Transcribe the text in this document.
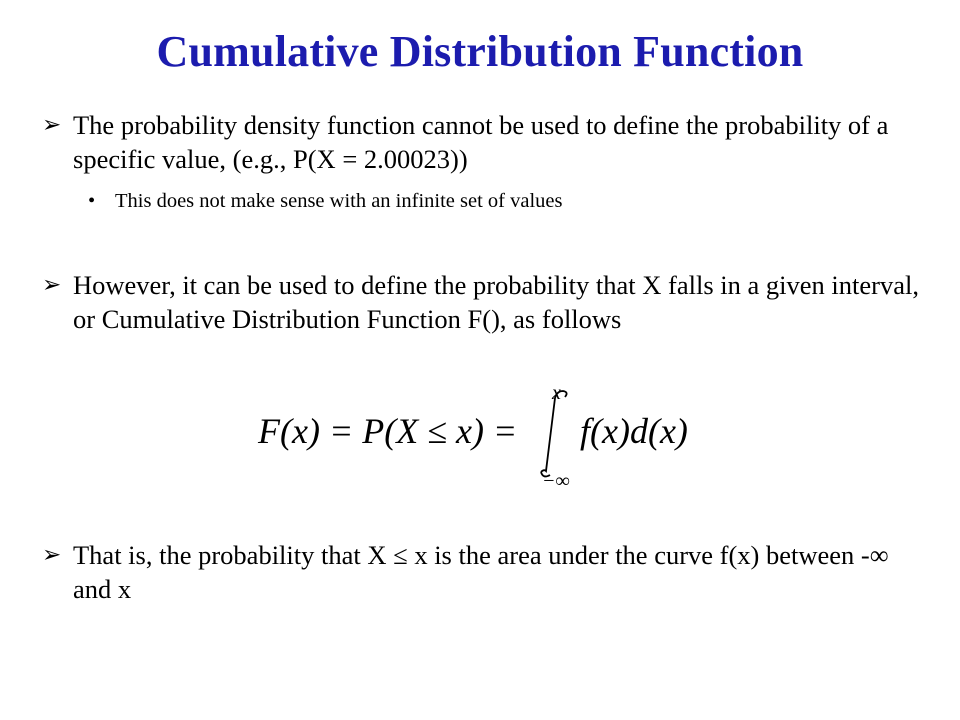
Cumulative Distribution Function
➢ The probability density function cannot be used to define the probability of a specific value, (e.g., P(X = 2.00023))
• This does not make sense with an infinite set of values
➢ However, it can be used to define the probability that X falls in a given interval, or Cumulative Distribution Function F(), as follows
F(x) = P(X ≤ x) =
x
−∞
f(x)d(x)
➢ That is, the probability that X ≤ x is the area under the curve f(x) between -∞ and x
